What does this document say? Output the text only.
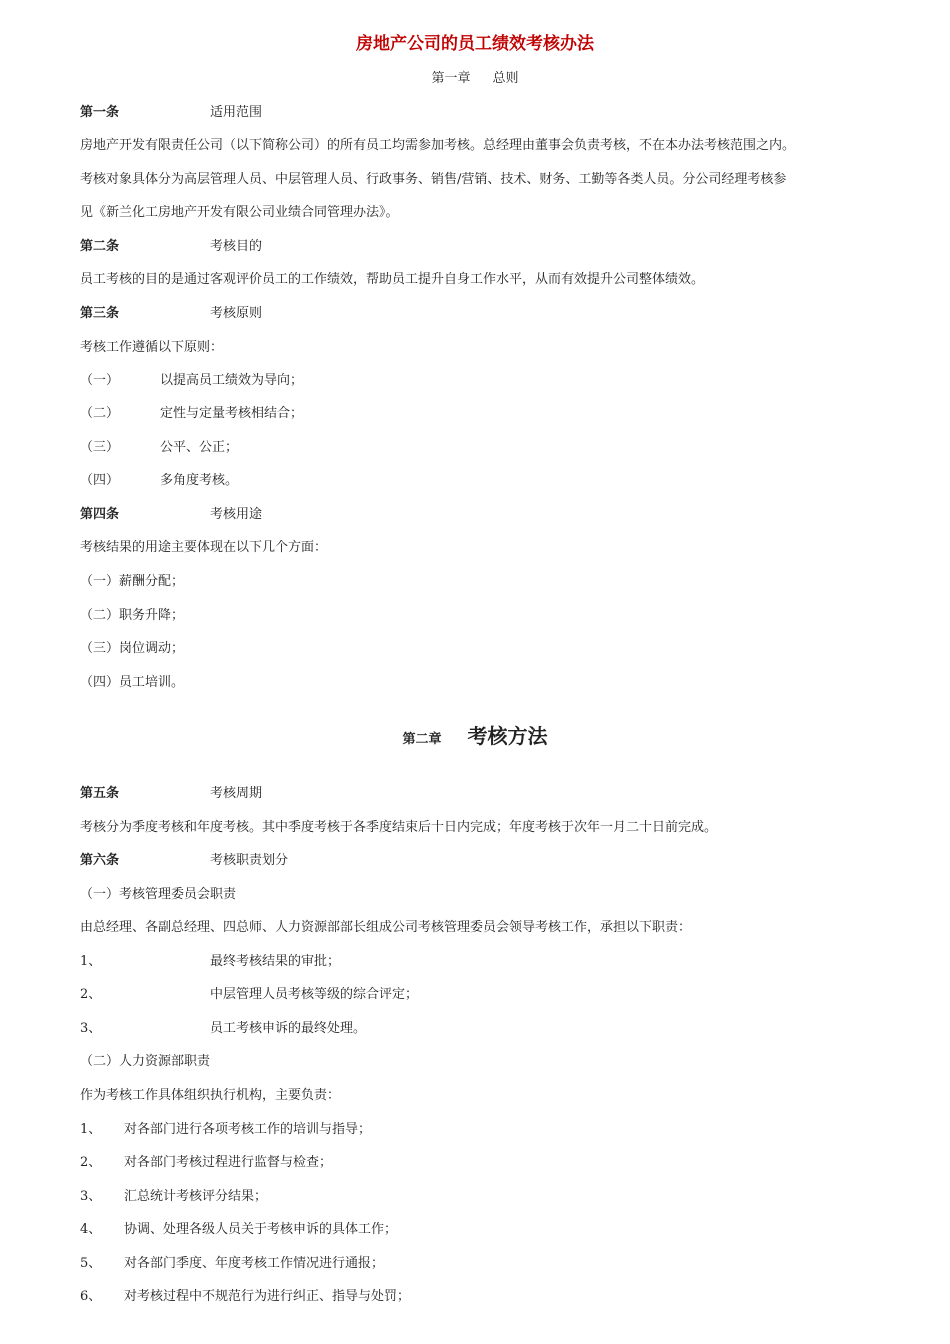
房地产公司的员工绩效考核办法
第一章 总则
第一条	适用范围
房地产开发有限责任公司（以下简称公司）的所有员工均需参加考核。总经理由董事会负责考核，不在本办法考核范围之内。
考核对象具体分为高层管理人员、中层管理人员、行政事务、销售/营销、技术、财务、工勤等各类人员。分公司经理考核参
见《新兰化工房地产开发有限公司业绩合同管理办法》。
第二条	考核目的
员工考核的目的是通过客观评价员工的工作绩效，帮助员工提升自身工作水平，从而有效提升公司整体绩效。
第三条	考核原则
考核工作遵循以下原则：
（一）	以提高员工绩效为导向；
（二）	定性与定量考核相结合；
（三）	公平、公正；
（四）	多角度考核。
第四条	考核用途
考核结果的用途主要体现在以下几个方面：
（一）薪酬分配；
（二）职务升降；
（三）岗位调动；
（四）员工培训。
第二章 考核方法
第五条	考核周期
考核分为季度考核和年度考核。其中季度考核于各季度结束后十日内完成；年度考核于次年一月二十日前完成。
第六条	考核职责划分
（一）考核管理委员会职责
由总经理、各副总经理、四总师、人力资源部部长组成公司考核管理委员会领导考核工作，承担以下职责：
1、	最终考核结果的审批；
2、	中层管理人员考核等级的综合评定；
3、	员工考核申诉的最终处理。
（二）人力资源部职责
作为考核工作具体组织执行机构，主要负责：
1、 对各部门进行各项考核工作的培训与指导；
2、 对各部门考核过程进行监督与检查；
3、 汇总统计考核评分结果；
4、 协调、处理各级人员关于考核申诉的具体工作；
5、 对各部门季度、年度考核工作情况进行通报；
6、 对考核过程中不规范行为进行纠正、指导与处罚；
